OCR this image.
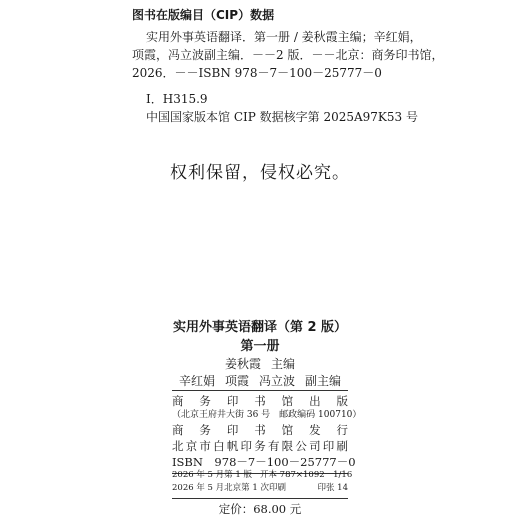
图书在版编目（CIP）数据
实用外事英语翻译．第一册 / 姜秋霞主编；辛红娟，
项霞，冯立波副主编．－－2 版．－－北京：商务印书馆，
2026．－－ISBN 978－7－100－25777－0
Ⅰ．H315.9
中国国家版本馆 CIP 数据核字第 2025A97K53 号
权利保留，侵权必究。
实用外事英语翻译（第 2 版）
第一册
姜秋霞 主编
辛红娟 项霞 冯立波 副主编
商 务 印 书 馆 出 版
（北京王府井大街 36 号　邮政编码 100710）
商 务 印 书 馆 发 行
北京市白帆印务有限公司印刷
ISBN　978－7－100－25777－0
2026 年 5 月第 1 版 开本 787×1092　1/16
2026 年 5 月北京第 1 次印刷	印张 14
定价：68.00 元
